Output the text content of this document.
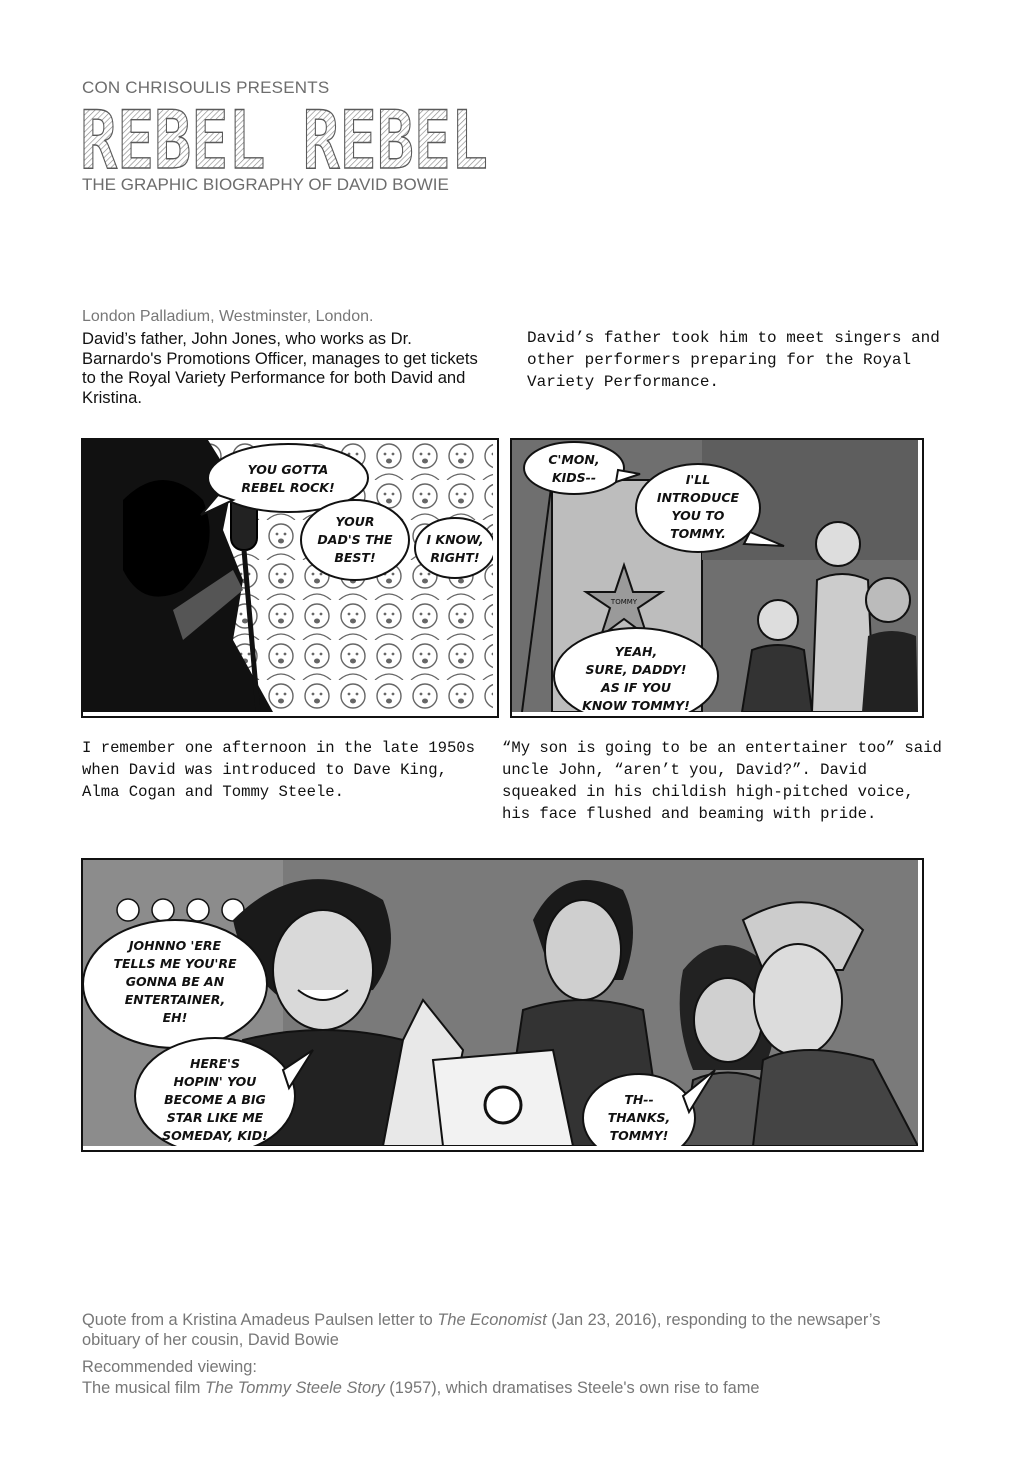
CON CHRISOULIS PRESENTS
REBEL REBEL
THE GRAPHIC BIOGRAPHY OF DAVID BOWIE
London Palladium, Westminster, London.
David’s father, John Jones, who works as Dr. Barnardo's Promotions Officer, manages to get tickets to the Royal Variety Performance for both David and Kristina.
David’s father took him to meet singers and other performers preparing for the Royal Variety Performance.
YOU GOTTA
REBEL ROCK!
YOUR
DAD'S THE
BEST!
I KNOW,
RIGHT!
TOMMY
C'MON,
KIDS--	I'LL
INTRODUCE
YOU TO
TOMMY.
YEAH,
SURE, DADDY!
AS IF YOU
KNOW TOMMY!
I remember one afternoon in the late 1950s when David was introduced to Dave King, Alma Cogan and Tommy Steele.
“My son is going to be an entertainer too” said uncle John, “aren’t you, David?”. David squeaked in his childish high-pitched voice, his face flushed and beaming with pride.
JOHNNO 'ERE
TELLS ME YOU'RE
GONNA BE AN
ENTERTAINER,
EH!
HERE'S
HOPIN' YOU
BECOME A BIG
STAR LIKE ME
SOMEDAY, KID!
TH--
THANKS,
TOMMY!
Quote from a Kristina Amadeus Paulsen letter to The Economist (Jan 23, 2016), responding to the newsaper’s obituary of her cousin, David Bowie
Recommended viewing:
The musical film The Tommy Steele Story (1957), which dramatises Steele's own rise to fame
